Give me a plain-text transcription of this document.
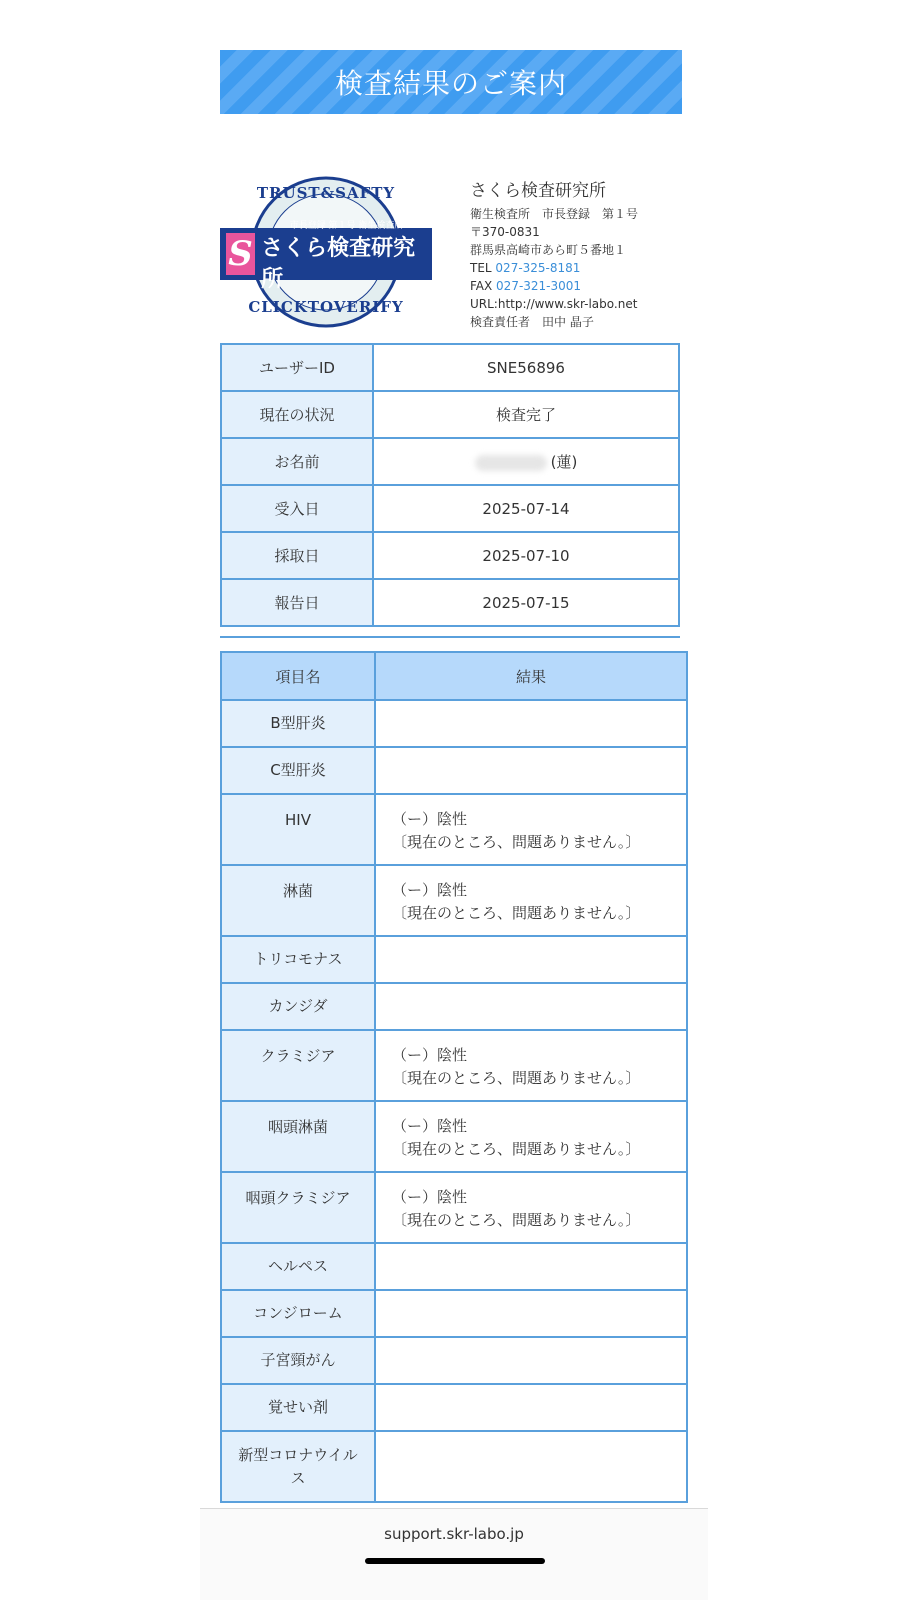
検査結果のご案内
TRUST&SAFTY
S
市長登録 第１号 衛生検査所
さくら検査研究所
CLICKTOVERIFY
さくら検査研究所
衛生検査所　市長登録　第１号
〒370-0831
群馬県高崎市あら町５番地１
TEL 027-325-8181
FAX 027-321-3001
URL:http://www.skr-labo.net
検査責任者　田中 晶子
ユーザーID	SNE56896
現在の状況	検査完了
お名前	(蓮)
受入日	2025-07-14
採取日	2025-07-10
報告日	2025-07-15
項目名	結果
B型肝炎	

C型肝炎	

HIV	（ー）陰性
〔現在のところ、問題ありません。〕

淋菌	（ー）陰性
〔現在のところ、問題ありません。〕

トリコモナス	

カンジダ	

クラミジア	（ー）陰性
〔現在のところ、問題ありません。〕

咽頭淋菌	（ー）陰性
〔現在のところ、問題ありません。〕

咽頭クラミジア	（ー）陰性
〔現在のところ、問題ありません。〕

ヘルペス	

コンジローム	

子宮頸がん	

覚せい剤	

新型コロナウイルス	
support.skr-labo.jp
